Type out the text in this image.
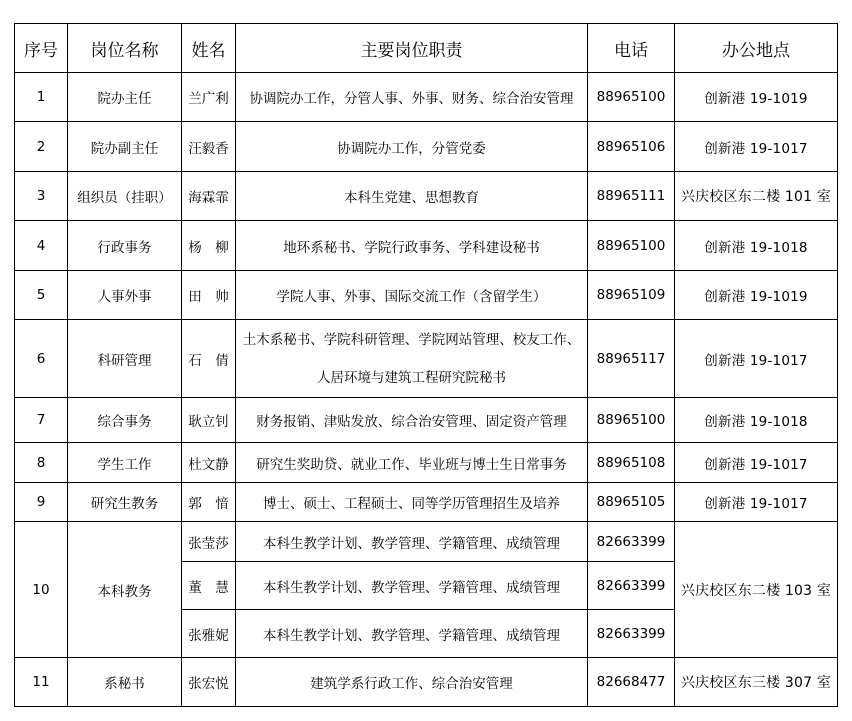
序号	岗位名称	姓名	主要岗位职责	电话	办公地点
1	院办主任	兰广利	协调院办工作，分管人事、外事、财务、综合治安管理	88965100	创新港 19-1019
2	院办副主任	汪毅香	协调院办工作，分管党委	88965106	创新港 19-1017
3	组织员（挂职）	海霖霏	本科生党建、思想教育	88965111	兴庆校区东二楼 101 室
4	行政事务	杨　柳	地环系秘书、学院行政事务、学科建设秘书	88965100	创新港 19-1018
5	人事外事	田　帅	学院人事、外事、国际交流工作（含留学生）	88965109	创新港 19-1019
6	科研管理	石　倩	土木系秘书、学院科研管理、学院网站管理、校友工作、
人居环境与建筑工程研究院秘书	88965117	创新港 19-1017
7	综合事务	耿立钊	财务报销、津贴发放、综合治安管理、固定资产管理	88965100	创新港 19-1018
8	学生工作	杜文静	研究生奖助贷、就业工作、毕业班与博士生日常事务	88965108	创新港 19-1017
9	研究生教务	郭　愔	博士、硕士、工程硕士、同等学历管理招生及培养	88965105	创新港 19-1017
10	本科教务	张莹莎	本科生教学计划、教学管理、学籍管理、成绩管理	82663399	兴庆校区东二楼 103 室
		董　慧	本科生教学计划、教学管理、学籍管理、成绩管理	82663399	
		张雅妮	本科生教学计划、教学管理、学籍管理、成绩管理	82663399	
11	系秘书	张宏悦	建筑学系行政工作、综合治安管理	82668477	兴庆校区东三楼 307 室
